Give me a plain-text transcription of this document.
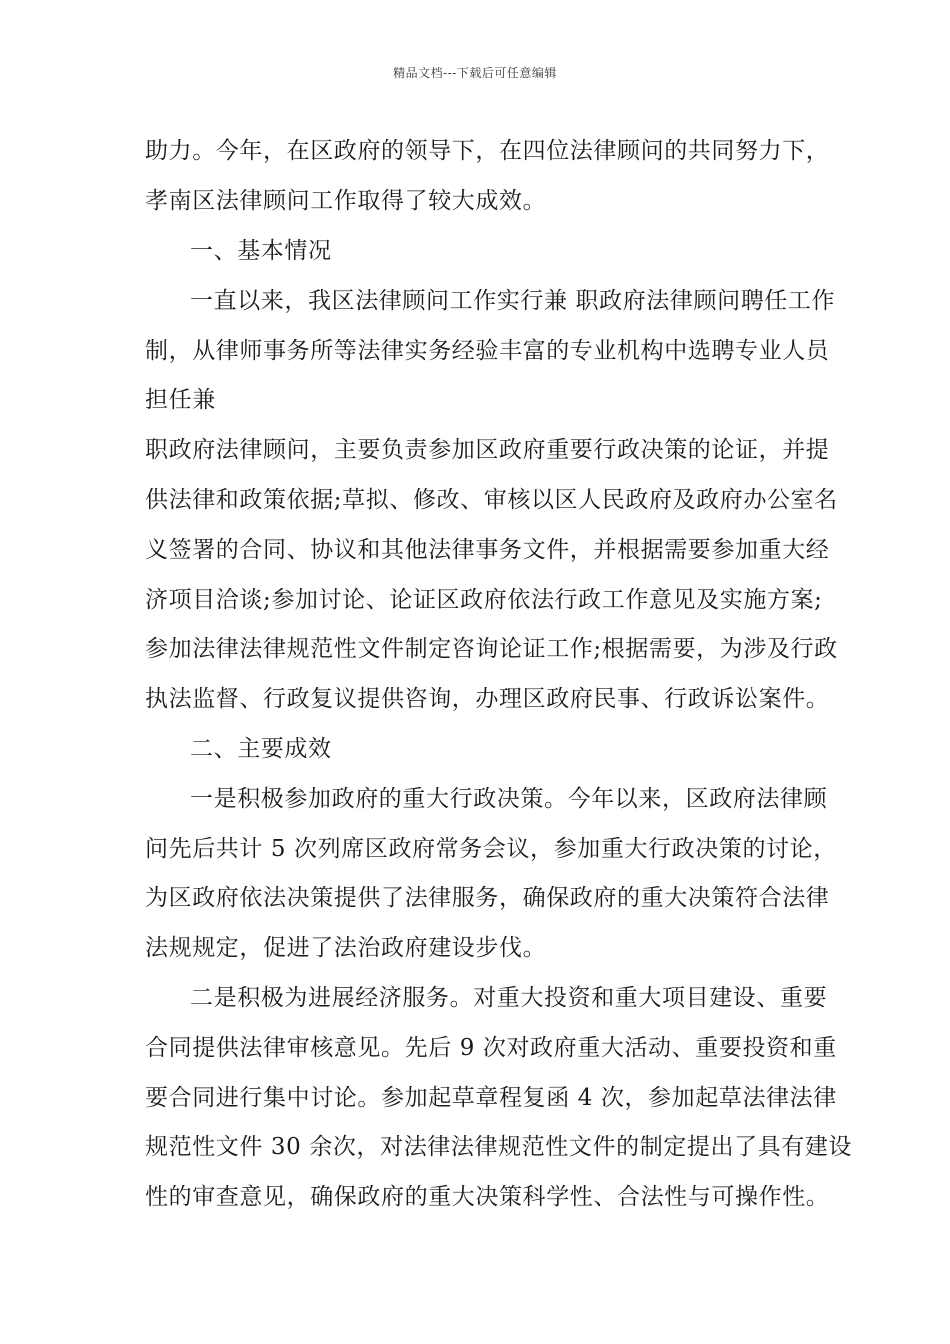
精品文档---下载后可任意编辑
助力。今年，在区政府的领导下，在四位法律顾问的共同努力下，
孝南区法律顾问工作取得了较大成效。
一、基本情况
一直以来，我区法律顾问工作实行兼 职政府法律顾问聘任工作
制，从律师事务所等法律实务经验丰富的专业机构中选聘专业人员
担任兼
职政府法律顾问，主要负责参加区政府重要行政决策的论证，并提
供法律和政策依据;草拟、修改、审核以区人民政府及政府办公室名
义签署的合同、协议和其他法律事务文件，并根据需要参加重大经
济项目洽谈;参加讨论、论证区政府依法行政工作意见及实施方案;
参加法律法律规范性文件制定咨询论证工作;根据需要，为涉及行政
执法监督、行政复议提供咨询，办理区政府民事、行政诉讼案件。
二、主要成效
一是积极参加政府的重大行政决策。今年以来，区政府法律顾
问先后共计 5 次列席区政府常务会议，参加重大行政决策的讨论，
为区政府依法决策提供了法律服务，确保政府的重大决策符合法律
法规规定，促进了法治政府建设步伐。
二是积极为进展经济服务。对重大投资和重大项目建设、重要
合同提供法律审核意见。先后 9 次对政府重大活动、重要投资和重
要合同进行集中讨论。参加起草章程复函 4 次，参加起草法律法律
规范性文件 30 余次，对法律法律规范性文件的制定提出了具有建设
性的审查意见，确保政府的重大决策科学性、合法性与可操作性。
